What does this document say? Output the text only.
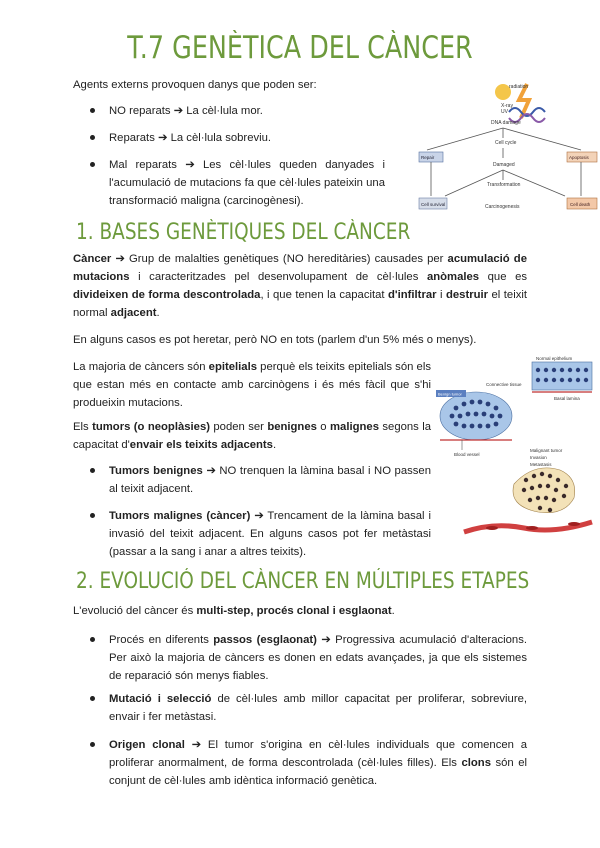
T.7 GENÈTICA DEL CÀNCER

Agents externs provoquen danys que poden ser:

NO reparats ➔ La cèl·lula mor.

Reparats ➔ La cèl·lula sobreviu.

Mal reparats ➔ Les cèl·lules queden danyades i l'acumulació de mutacions fa que cèl·lules pateixin una transformació maligna (carcinogènesi).

radiation
X-ray
UV
DNA damage
Cell cycle
Repair	Apoptosis
Damaged
Transformation
Cell survival	Carcinogenesis	Cell death
1. BASES GENÈTIQUES DEL CÀNCER

Càncer ➔ Grup de malalties genètiques (NO hereditàries) causades per acumulació de mutacions i caracteritzades pel desenvolupament de cèl·lules anòmales que es divideixen de forma descontrolada, i que tenen la capacitat d'infiltrar i destruir el teixit normal adjacent.

En alguns casos es pot heretar, però NO en tots (parlem d'un 5% més o menys).

La majoria de càncers són epitelials perquè els teixits epitelials són els que estan més en contacte amb carcinògens i és més fàcil que s'hi produeixin mutacions.

Els tumors (o neoplàsies) poden ser benignes o malignes segons la capacitat d'envair els teixits adjacents.

Tumors benignes ➔ NO trenquen la làmina basal i NO passen al teixit adjacent.

Tumors malignes (càncer) ➔ Trencament de la làmina basal i invasió del teixit adjacent. En alguns casos pot fer metàstasi (passar a la sang i anar a altres teixits).

Normal epithelium
Basal lamina
Benign tumor
Connective tissue
Blood vessel
Malignant tumor
Invasion
Metastasis
2. EVOLUCIÓ DEL CÀNCER EN MÚLTIPLES ETAPES

L'evolució del càncer és multi-step, procés clonal i esglaonat.

Procés en diferents passos (esglaonat) ➔ Progressiva acumulació d'alteracions. Per això la majoria de càncers es donen en edats avançades, ja que els sistemes de reparació són menys fiables.

Mutació i selecció de cèl·lules amb millor capacitat per proliferar, sobreviure, envair i fer metàstasi.

Origen clonal ➔ El tumor s'origina en cèl·lules individuals que comencen a proliferar anormalment, de forma descontrolada (cèl·lules filles). Els clons són el conjunt de cèl·lules amb idèntica informació genètica.
